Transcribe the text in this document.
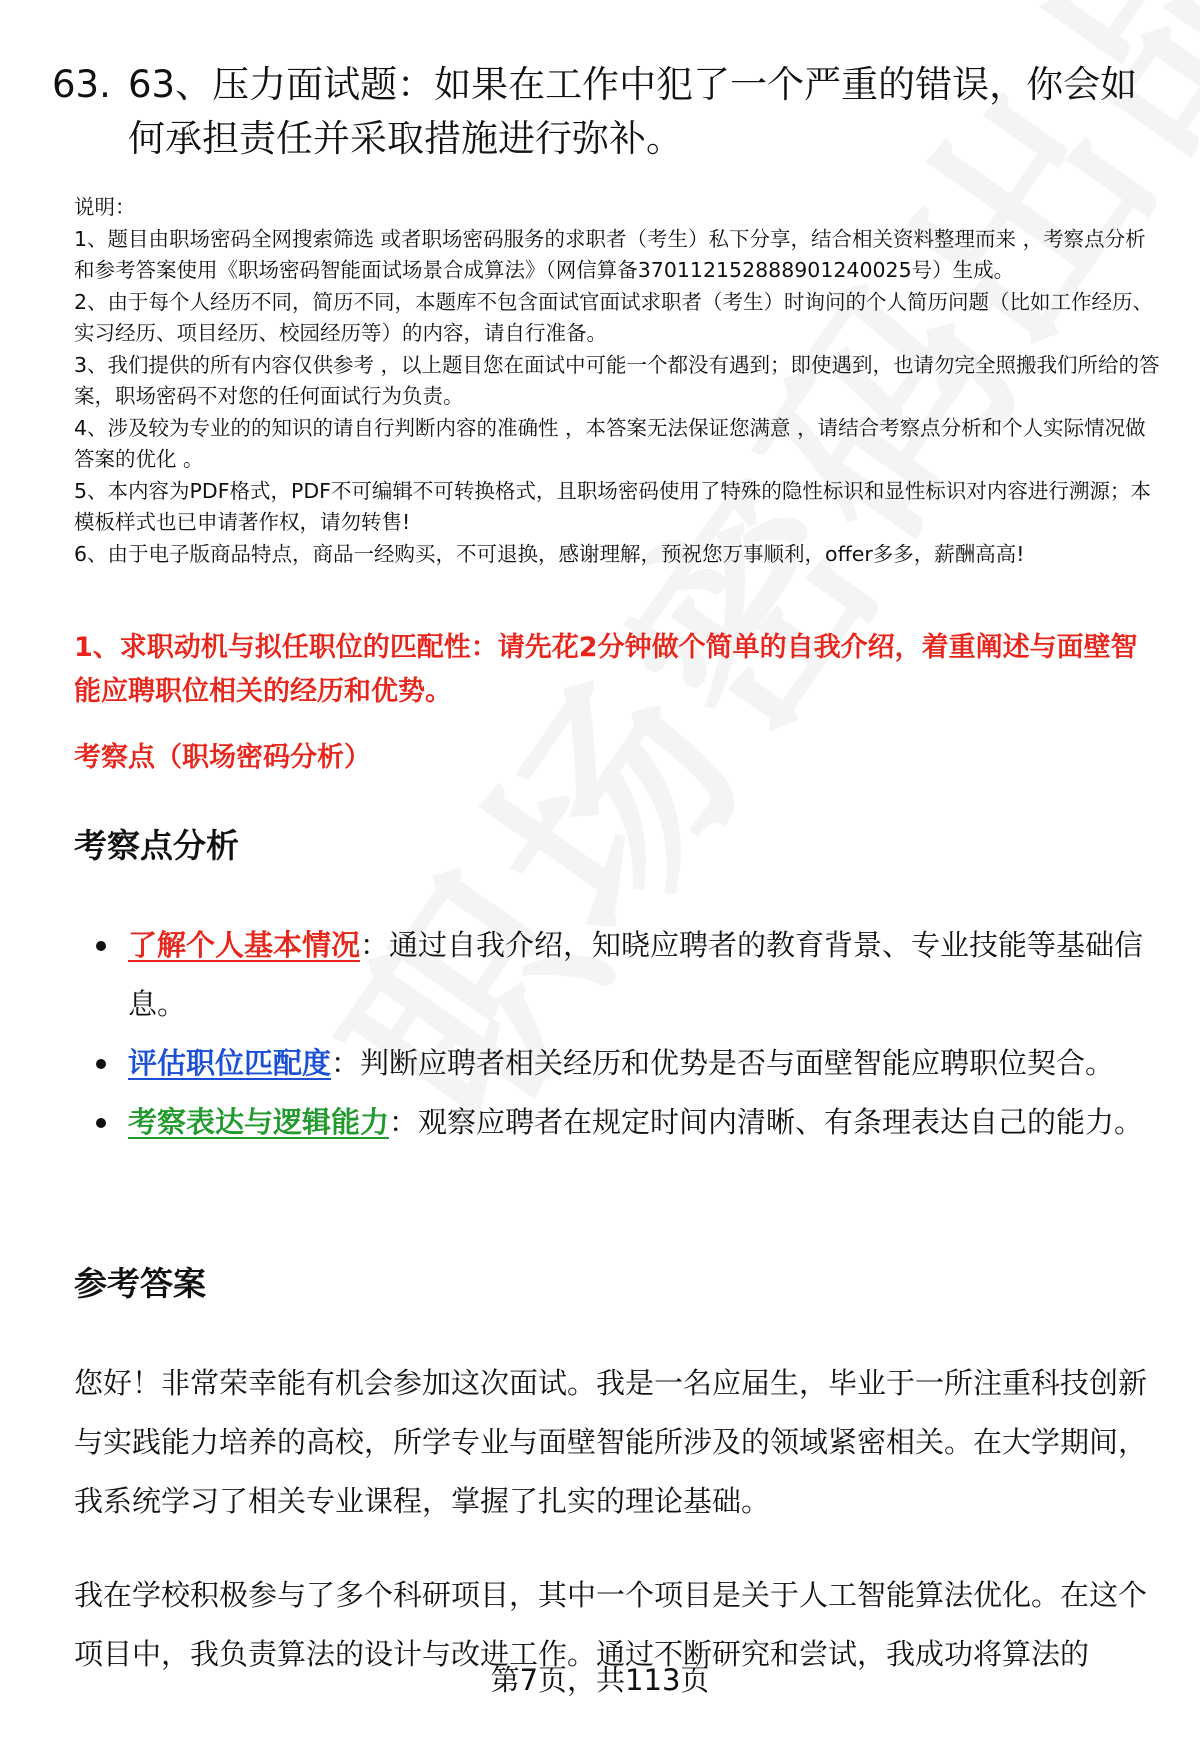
63. 63、压力面试题：如果在工作中犯了一个严重的错误，你会如何承担责任并采取措施进行弥补。

说明：

1、题目由职场密码全网搜索筛选 或者职场密码服务的求职者（考生）私下分享，结合相关资料整理而来 ，考察点分析和参考答案使用《职场密码智能面试场景合成算法》（网信算备370112152888901240025号）生成。

2、由于每个人经历不同，简历不同，本题库不包含面试官面试求职者（考生）时询问的个人简历问题（比如工作经历、实习经历、项目经历、校园经历等）的内容，请自行准备。

3、我们提供的所有内容仅供参考 ，以上题目您在面试中可能一个都没有遇到；即使遇到，也请勿完全照搬我们所给的答案，职场密码不对您的任何面试行为负责。

4、涉及较为专业的的知识的请自行判断内容的准确性 ，本答案无法保证您满意 ，请结合考察点分析和个人实际情况做答案的优化 。

5、本内容为PDF格式，PDF不可编辑不可转换格式，且职场密码使用了特殊的隐性标识和显性标识对内容进行溯源；本模板样式也已申请著作权，请勿转售!

6、由于电子版商品特点，商品一经购买，不可退换，感谢理解，预祝您万事顺利，offer多多，薪酬高高!

1、求职动机与拟任职位的匹配性：请先花2分钟做个简单的自我介绍，着重阐述与面壁智能应聘职位相关的经历和优势。
考察点（职场密码分析）
考察点分析
了解个人基本情况：通过自我介绍，知晓应聘者的教育背景、专业技能等基础信息。
评估职位匹配度：判断应聘者相关经历和优势是否与面壁智能应聘职位契合。
考察表达与逻辑能力：观察应聘者在规定时间内清晰、有条理表达自己的能力。
参考答案

您好！非常荣幸能有机会参加这次面试。我是一名应届生，毕业于一所注重科技创新与实践能力培养的高校，所学专业与面壁智能所涉及的领域紧密相关。在大学期间，我系统学习了相关专业课程，掌握了扎实的理论基础。

我在学校积极参与了多个科研项目，其中一个项目是关于人工智能算法优化。在这个项目中，我负责算法的设计与改进工作。通过不断研究和尝试，我成功将算法的

第7页，共113页
